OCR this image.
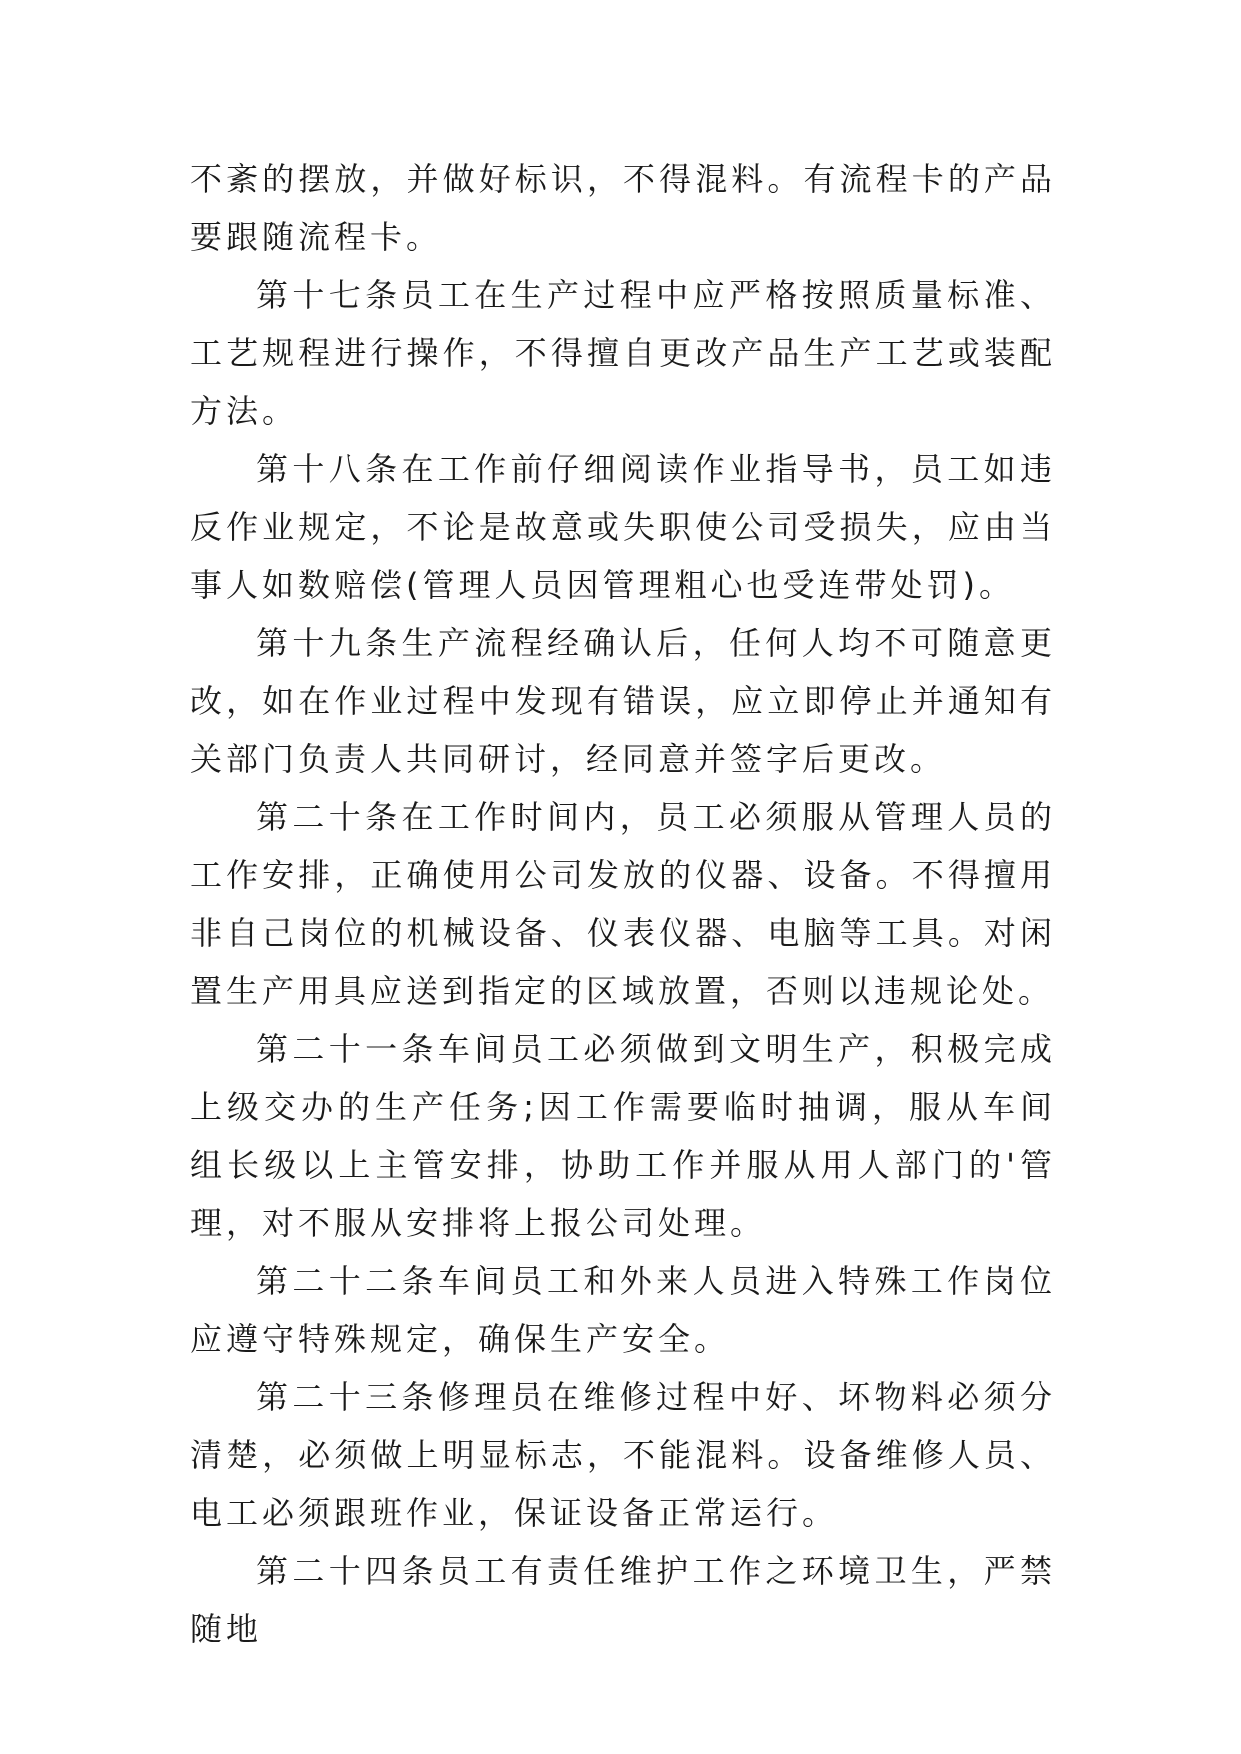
不紊的摆放，并做好标识，不得混料。有流程卡的产品要跟随流程卡。

第十七条员工在生产过程中应严格按照质量标准、工艺规程进行操作，不得擅自更改产品生产工艺或装配方法。

第十八条在工作前仔细阅读作业指导书，员工如违反作业规定，不论是故意或失职使公司受损失，应由当事人如数赔偿(管理人员因管理粗心也受连带处罚)。

第十九条生产流程经确认后，任何人均不可随意更改，如在作业过程中发现有错误，应立即停止并通知有关部门负责人共同研讨，经同意并签字后更改。

第二十条在工作时间内，员工必须服从管理人员的工作安排，正确使用公司发放的仪器、设备。不得擅用非自己岗位的机械设备、仪表仪器、电脑等工具。对闲置生产用具应送到指定的区域放置，否则以违规论处。

第二十一条车间员工必须做到文明生产，积极完成上级交办的生产任务;因工作需要临时抽调，服从车间组长级以上主管安排，协助工作并服从用人部门的'管理，对不服从安排将上报公司处理。

第二十二条车间员工和外来人员进入特殊工作岗位应遵守特殊规定，确保生产安全。

第二十三条修理员在维修过程中好、坏物料必须分清楚，必须做上明显标志，不能混料。设备维修人员、电工必须跟班作业，保证设备正常运行。

第二十四条员工有责任维护工作之环境卫生，严禁随地
